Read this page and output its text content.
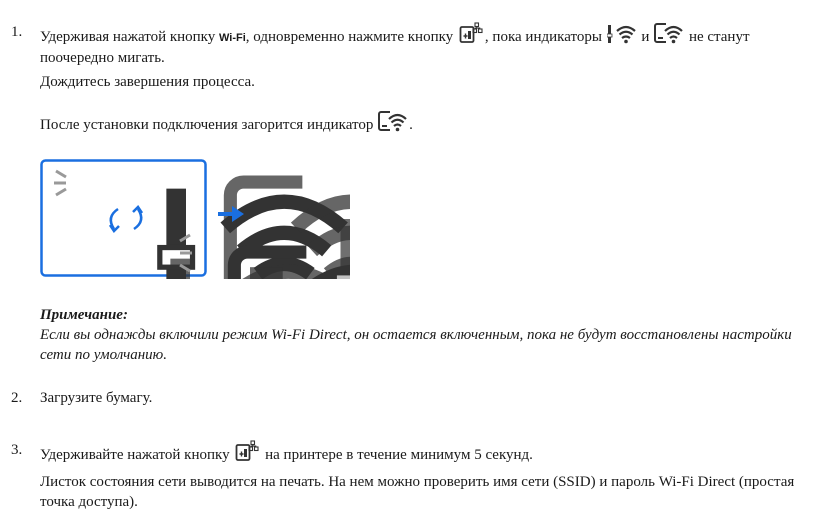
1.	Удерживая нажатой кнопку Wi-Fi, одновременно нажмите кнопку , пока индикаторы  и  не станут поочередно мигать.
Дождитесь завершения процесса.
После установки подключения загорится индикатор .
Примечание:
Если вы однажды включили режим Wi-Fi Direct, он остается включенным, пока не будут восстановлены настройки сети по умолчанию.
2.	Загрузите бумагу.
3.	Удерживайте нажатой кнопку  на принтере в течение минимум 5 секунд.
Листок состояния сети выводится на печать. На нем можно проверить имя сети (SSID) и пароль Wi-Fi Direct (простая точка доступа).
